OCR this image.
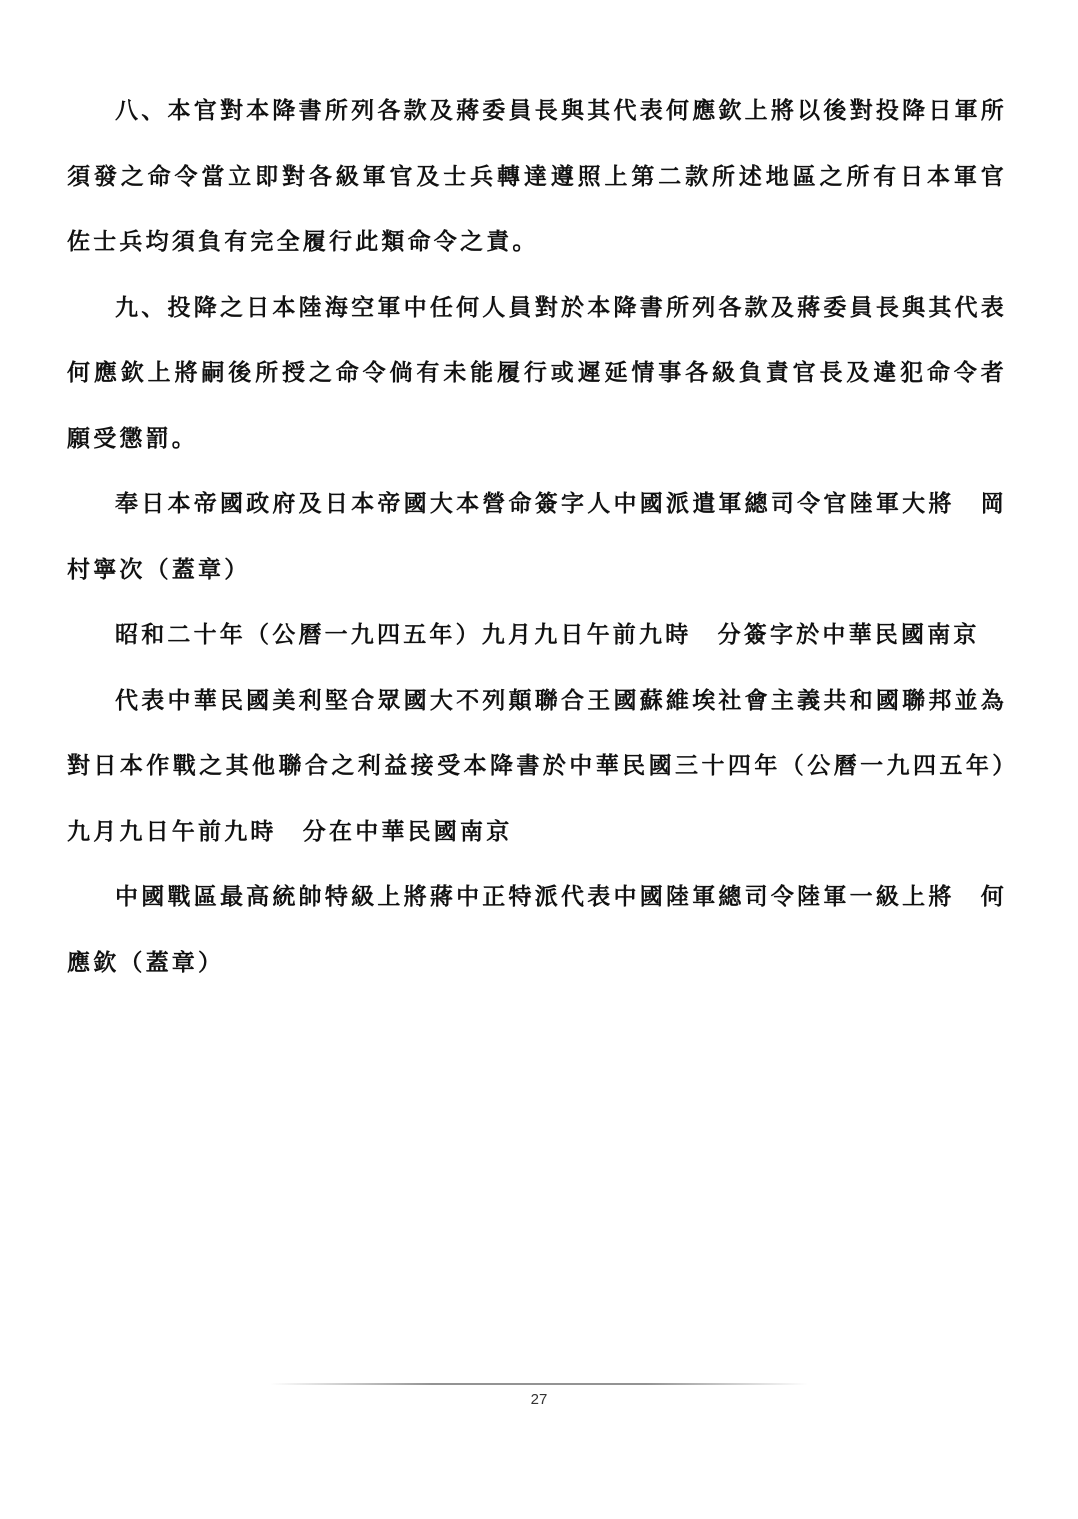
八、本官對本降書所列各款及蔣委員長與其代表何應欽上將以後對投降日軍所須發之命令當立即對各級軍官及士兵轉達遵照上第二款所述地區之所有日本軍官佐士兵均須負有完全履行此類命令之責。

九、投降之日本陸海空軍中任何人員對於本降書所列各款及蔣委員長與其代表何應欽上將嗣後所授之命令倘有未能履行或遲延情事各級負責官長及違犯命令者願受懲罰。

奉日本帝國政府及日本帝國大本營命簽字人中國派遣軍總司令官陸軍大將　岡村寧次（蓋章）

昭和二十年（公曆一九四五年）九月九日午前九時　分簽字於中華民國南京

代表中華民國美利堅合眾國大不列顛聯合王國蘇維埃社會主義共和國聯邦並為對日本作戰之其他聯合之利益接受本降書於中華民國三十四年（公曆一九四五年）九月九日午前九時　分在中華民國南京

中國戰區最高統帥特級上將蔣中正特派代表中國陸軍總司令陸軍一級上將　何應欽（蓋章）

27
